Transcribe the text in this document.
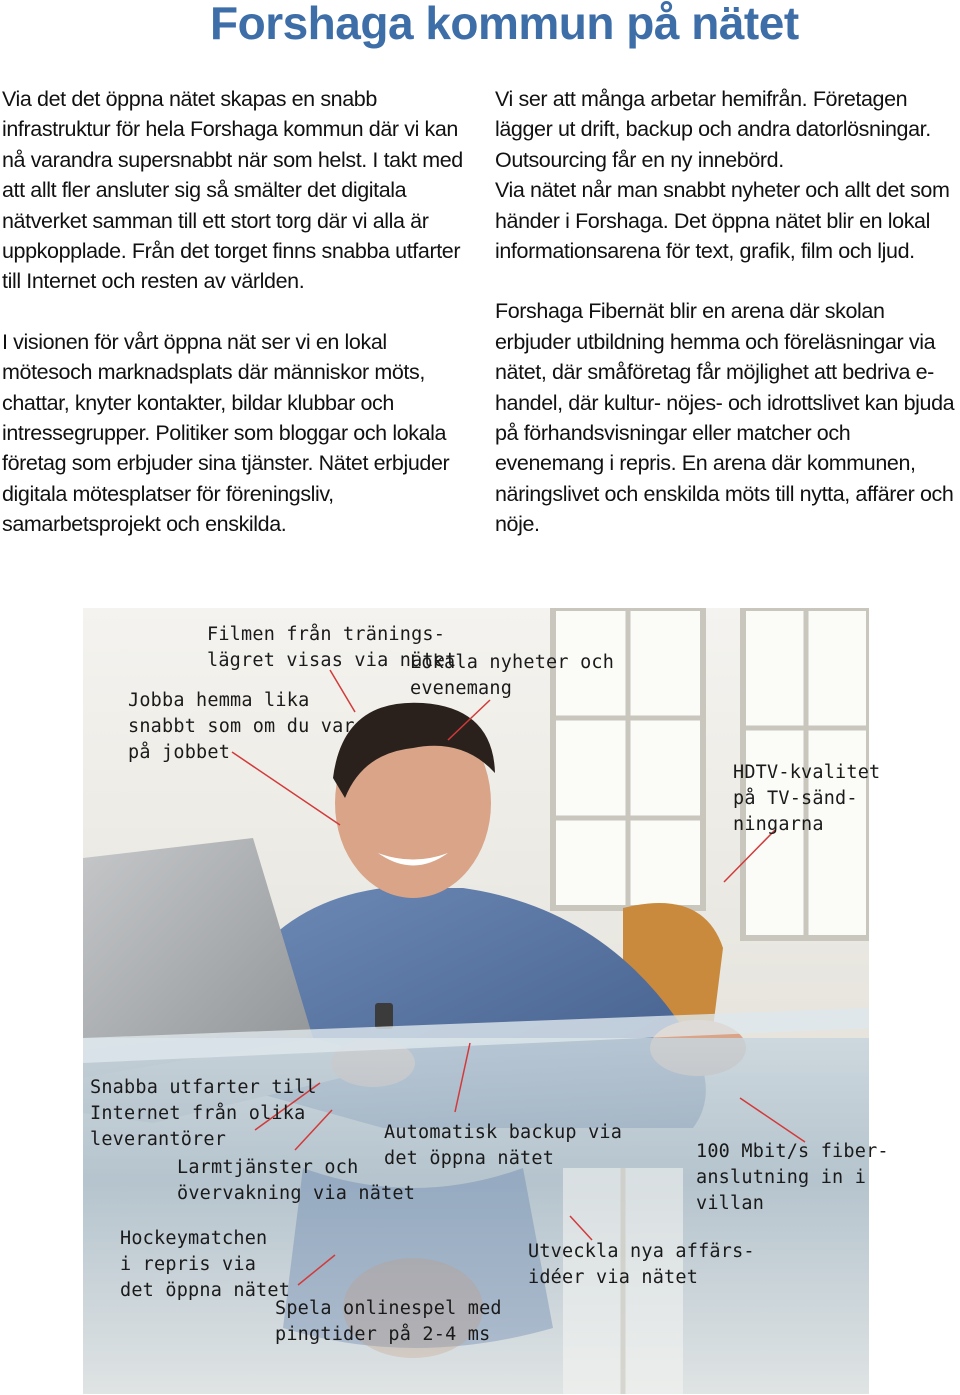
Forshaga kommun på nätet

Via det det öppna nätet skapas en snabb infrastruktur för hela Forshaga kommun där vi kan nå varandra supersnabbt när som helst. I takt med att allt fler ansluter sig så smälter det digitala nätverket samman till ett stort torg där vi alla är uppkopplade. Från det torget finns snabba utfarter till Internet och resten av världen.

I visionen för vårt öppna nät ser vi en lokal mötesoch marknadsplats där människor möts, chattar, knyter kontakter, bildar klubbar och intressegrupper. Politiker som bloggar och lokala företag som erbjuder sina tjänster. Nätet erbjuder digitala mötesplatser för föreningsliv, samarbetsprojekt och enskilda.

Vi ser att många arbetar hemifrån. Företagen lägger ut drift, backup och andra datorlösningar. Outsourcing får en ny innebörd.

Via nätet når man snabbt nyheter och allt det som händer i Forshaga. Det öppna nätet blir en lokal informationsarena för text, grafik, film och ljud.

Forshaga Fibernät blir en arena där skolan erbjuder utbildning hemma och föreläsningar via nätet, där småföretag får möjlighet att bedriva e-handel, där kultur- nöjes- och idrottslivet kan bjuda på förhandsvisningar eller matcher och evenemang i repris. En arena där kommunen, näringslivet och enskilda möts till nytta, affärer och nöje.

Filmen från tränings-
lägret visas via nätet
Lokala nyheter och
evenemang
Jobba hemma lika
snabbt som om du var
på jobbet
HDTV-kvalitet
på TV-sänd-
ningarna
Snabba utfarter till
Internet från olika
leverantörer	Automatisk backup via
det öppna nätet	100 Mbit/s fiber-
anslutning in i
villan
Larmtjänster och
övervakning via nätet
Hockeymatchen
i repris via
det öppna nätet
Utveckla nya affärs-
idéer via nätet
Spela onlinespel med
pingtider på 2-4 ms
